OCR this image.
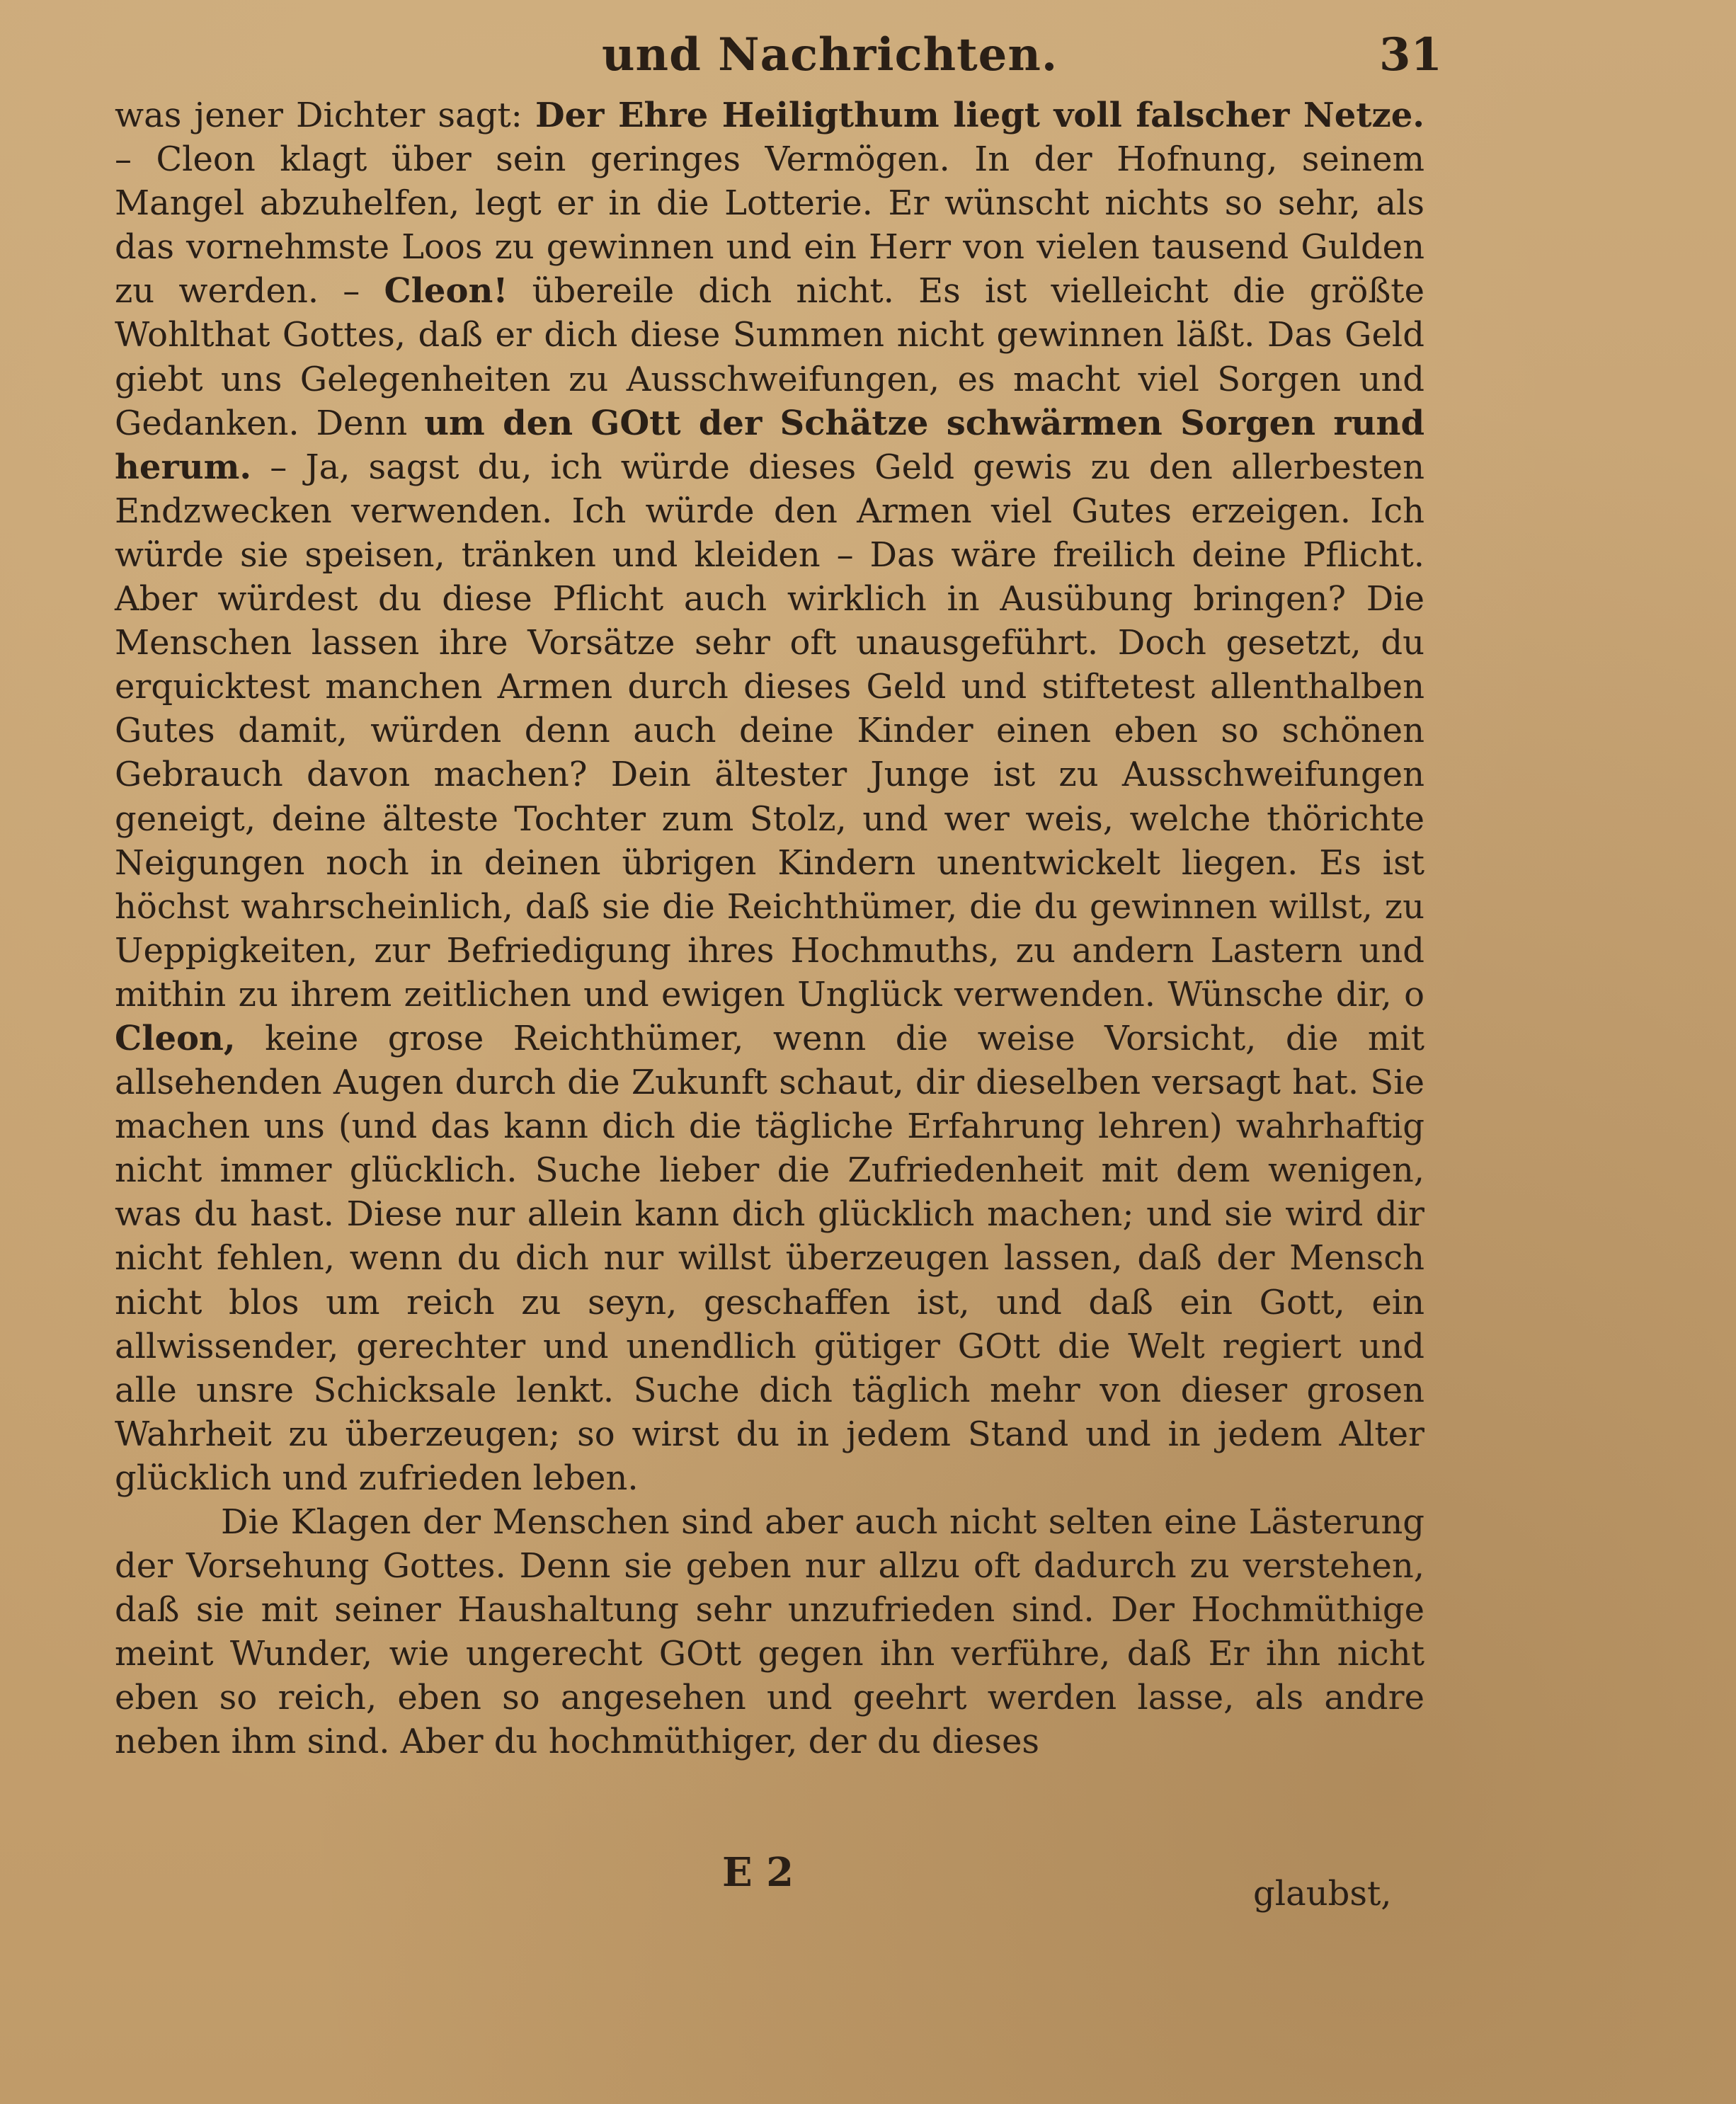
und Nachrichten.	31

was jener Dichter sagt: Der Ehre Heiligthum liegt voll falscher Netze. – Cleon klagt über sein geringes Vermögen. In der Hofnung, seinem Mangel abzuhelfen, legt er in die Lotterie. Er wünscht nichts so sehr, als das vornehmste Loos zu gewinnen und ein Herr von vielen tausend Gulden zu werden. – Cleon! übereile dich nicht. Es ist vielleicht die größte Wohlthat Gottes, daß er dich diese Summen nicht gewinnen läßt. Das Geld giebt uns Gelegenheiten zu Ausschweifungen, es macht viel Sorgen und Gedanken. Denn um den GOtt der Schätze schwärmen Sorgen rund herum. – Ja, sagst du, ich würde dieses Geld gewis zu den allerbesten Endzwecken verwenden. Ich würde den Armen viel Gutes erzeigen. Ich würde sie speisen, tränken und kleiden – Das wäre freilich deine Pflicht. Aber würdest du diese Pflicht auch wirklich in Ausübung bringen? Die Menschen lassen ihre Vorsätze sehr oft unausgeführt. Doch gesetzt, du erquicktest manchen Armen durch dieses Geld und stiftetest allenthalben Gutes damit, würden denn auch deine Kinder einen eben so schönen Gebrauch davon machen? Dein ältester Junge ist zu Ausschweifungen geneigt, deine älteste Tochter zum Stolz, und wer weis, welche thörichte Neigungen noch in deinen übrigen Kindern unentwickelt liegen. Es ist höchst wahrscheinlich, daß sie die Reichthümer, die du gewinnen willst, zu Ueppigkeiten, zur Befriedigung ihres Hochmuths, zu andern Lastern und mithin zu ihrem zeitlichen und ewigen Unglück verwenden. Wünsche dir, o Cleon, keine grose Reichthümer, wenn die weise Vorsicht, die mit allsehenden Augen durch die Zukunft schaut, dir dieselben versagt hat. Sie machen uns (und das kann dich die tägliche Erfahrung lehren) wahrhaftig nicht immer glücklich. Suche lieber die Zufriedenheit mit dem wenigen, was du hast. Diese nur allein kann dich glücklich machen; und sie wird dir nicht fehlen, wenn du dich nur willst überzeugen lassen, daß der Mensch nicht blos um reich zu seyn, geschaffen ist, und daß ein Gott, ein allwissender, gerechter und unendlich gütiger GOtt die Welt regiert und alle unsre Schicksale lenkt. Suche dich täglich mehr von dieser grosen Wahrheit zu überzeugen; so wirst du in jedem Stand und in jedem Alter glücklich und zufrieden leben.

Die Klagen der Menschen sind aber auch nicht selten eine Lästerung der Vorsehung Gottes. Denn sie geben nur allzu oft dadurch zu verstehen, daß sie mit seiner Haushaltung sehr unzufrieden sind. Der Hochmüthige meint Wunder, wie ungerecht GOtt gegen ihn verführe, daß Er ihn nicht eben so reich, eben so angesehen und geehrt werden lasse, als andre neben ihm sind. Aber du hochmüthiger, der du dieses

E 2	glaubst,
